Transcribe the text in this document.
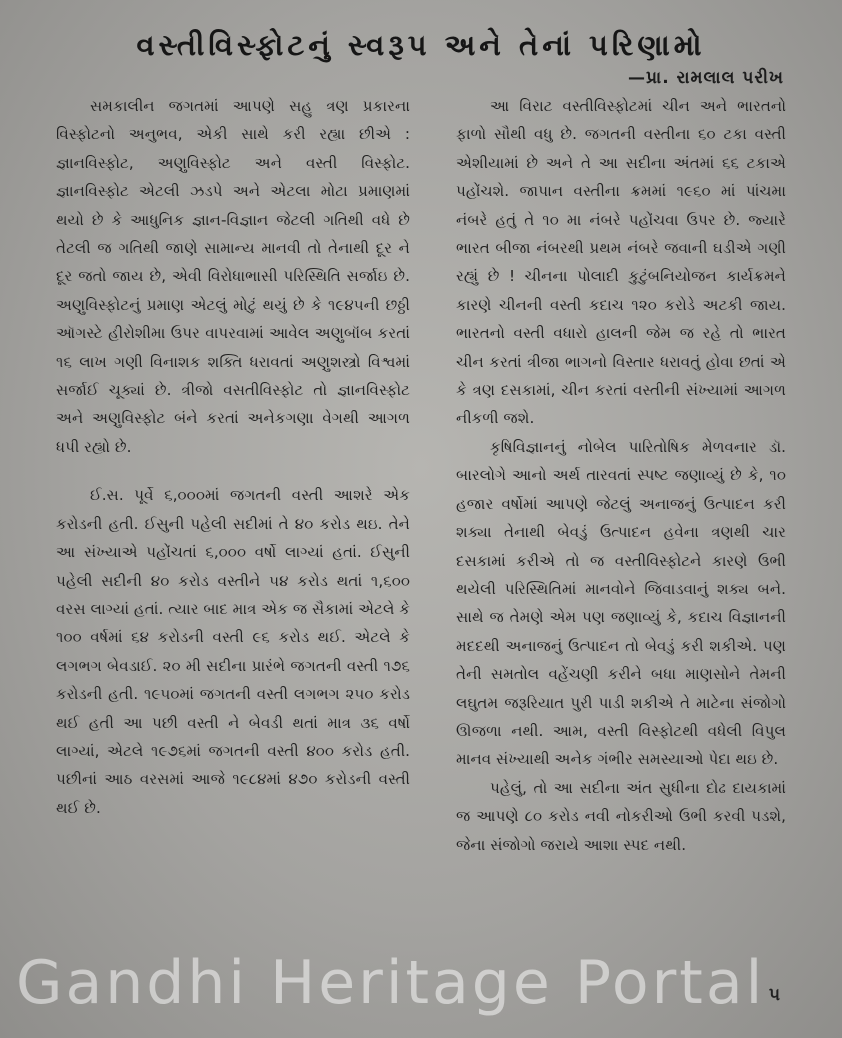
વસ્તીવિસ્ફોટનું સ્વરૂપ અને તેનાં પરિણામો
—પ્રા. રામલાલ પરીખ

સમકાલીન જગતમાં આપણે સહુ ત્રણ પ્રકારના વિસ્ફોટનો અનુભવ, એકી સાથે કરી રહ્યા છીએ : જ્ઞાનવિસ્ફોટ, અણુવિસ્ફોટ અને વસ્તી વિસ્ફોટ. જ્ઞાનવિસ્ફોટ એટલી ઝડપે અને એટલા મોટા પ્રમાણમાં થયો છે કે આધુનિક જ્ઞાન-વિજ્ઞાન જેટલી ગતિથી વધે છે તેટલી જ ગતિથી જાણે સામાન્ય માનવી તો તેનાથી દૂર ને દૂર જતો જાય છે, એવી વિરોધાભાસી પરિસ્થિતિ સર્જાઇ છે. અણુવિસ્ફોટનું પ્રમાણ એટલું મોટું થયું છે કે ૧૯૪૫ની છઠ્ઠી ઑગસ્ટે હીરોશીમા ઉપર વાપરવામાં આવેલ અણુબૉંબ કરતાં ૧૬ લાખ ગણી વિનાશક શક્તિ ધરાવતાં અણુશસ્ત્રો વિશ્વમાં સર્જાઈ ચૂક્યાં છે. ત્રીજો વસતીવિસ્ફોટ તો જ્ઞાનવિસ્ફોટ અને અણુવિસ્ફોટ બંને કરતાં અનેકગણા વેગથી આગળ ધપી રહ્યો છે.

ઈ.સ. પૂર્વે ૬,૦૦૦માં જગતની વસ્તી આશરે એક કરોડની હતી. ઈસુની પહેલી સદીમાં તે ૪૦ કરોડ થઇ. તેને આ સંખ્યાએ પહોંચતાં ૬,૦૦૦ વર્ષો લાગ્યાં હતાં. ઈસુની પહેલી સદીની ૪૦ કરોડ વસ્તીને ૫૪ કરોડ થતાં ૧,૬૦૦ વરસ લાગ્યાં હતાં. ત્યાર બાદ માત્ર એક જ સૈકામાં એટલે કે ૧૦૦ વર્ષમાં ૬૪ કરોડની વસ્તી ૯૬ કરોડ થઈ. એટલે કે લગભગ બેવડાઈ. ૨૦ મી સદીના પ્રારંભે જગતની વસ્તી ૧૭૬ કરોડની હતી. ૧૯૫૦માં જગતની વસ્તી લગભગ ૨૫૦ કરોડ થઈ હતી આ પછી વસ્તી ને બેવડી થતાં માત્ર ૩૬ વર્ષો લાગ્યાં, એટલે ૧૯૭૬માં જગતની વસ્તી ૪૦૦ કરોડ હતી. પછીનાં આઠ વરસમાં આજે ૧૯૮૪માં ૪૭૦ કરોડની વસ્તી થઈ છે.

આ વિરાટ વસ્તીવિસ્ફોટમાં ચીન અને ભારતનો ફાળો સૌથી વધુ છે. જગતની વસ્તીના ૬૦ ટકા વસ્તી એશીયામાં છે અને તે આ સદીના અંતમાં ૬૬ ટકાએ પહોંચશે. જાપાન વસ્તીના ક્રમમાં ૧૯૬૦ માં પાંચમા નંબરે હતું તે ૧૦ મા નંબરે પહોંચવા ઉપર છે. જ્યારે ભારત બીજા નંબરથી પ્રથમ નંબરે જવાની ઘડીએ ગણી રહ્યું છે ! ચીનના પોલાદી કુટુંબનિયોજન કાર્યક્રમને કારણે ચીનની વસ્તી કદાચ ૧૨૦ કરોડે અટકી જાય. ભારતનો વસ્તી વધારો હાલની જેમ જ રહે તો ભારત ચીન કરતાં ત્રીજા ભાગનો વિસ્તાર ધરાવતું હોવા છતાં એ કે ત્રણ દસકામાં, ચીન કરતાં વસ્તીની સંખ્યામાં આગળ નીકળી જશે.

કૃષિવિજ્ઞાનનું નોબેલ પારિતોષિક મેળવનાર ડૉ. બારલોગે આનો અર્થ તારવતાં સ્પષ્ટ જણાવ્યું છે કે, ૧૦ હજાર વર્ષોમાં આપણે જેટલું અનાજનું ઉત્પાદન કરી શક્યા તેનાથી બેવડું ઉત્પાદન હવેના ત્રણથી ચાર દસકામાં કરીએ તો જ વસ્તીવિસ્ફોટને કારણે ઉભી થયેલી પરિસ્થિતિમાં માનવોને જિવાડવાનું શક્ય બને. સાથે જ તેમણે એમ પણ જણાવ્યું કે, કદાચ વિજ્ઞાનની મદદથી અનાજનું ઉત્પાદન તો બેવડું કરી શકીએ. પણ તેની સમતોલ વહેંચણી કરીને બધા માણસોને તેમની લઘુતમ જરૂરિયાત પુરી પાડી શકીએ તે માટેના સંજોગો ઊજળા નથી. આમ, વસ્તી વિસ્ફોટથી વધેલી વિપુલ માનવ સંખ્યાથી અનેક ગંભીર સમસ્યાઓ પેદા થઇ છે.

પહેલું, તો આ સદીના અંત સુધીના દોઢ દાયકામાં જ આપણે ૮૦ કરોડ નવી નોકરીઓ ઉભી કરવી પડશે, જેના સંજોગો જરાયે આશા સ્પદ નથી.

Gandhi Heritage Portal ૫
